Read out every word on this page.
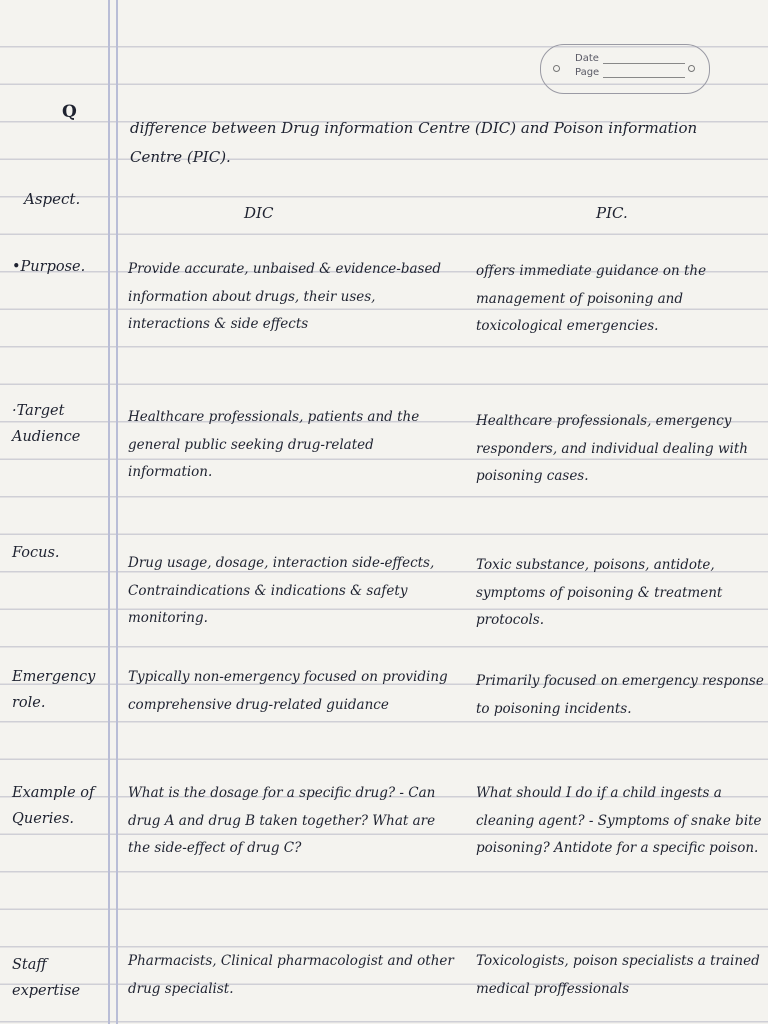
Date
Page
Q
difference between Drug information Centre (DIC) and Poison information Centre (PIC).
Aspect.
DIC	PIC.
•Purpose.	Provide accurate, unbaised & evidence-based information about drugs, their uses, interactions & side effects
offers immediate guidance on the management of poisoning and toxicological emergencies.
·Target Audience
Healthcare professionals, patients and the general public seeking drug-related information.
Healthcare professionals, emergency responders, and individual dealing with poisoning cases.
Focus.
Drug usage, dosage, interaction side-effects, Contraindications & indications & safety monitoring.
Toxic substance, poisons, antidote, symptoms of poisoning & treatment protocols.
Emergency role.
Typically non-emergency focused on providing comprehensive drug-related guidance
Primarily focused on emergency response to poisoning incidents.
Example of Queries.
What is the dosage for a specific drug? - Can drug A and drug B taken together? What are the side-effect of drug C?
What should I do if a child ingests a cleaning agent? - Symptoms of snake bite poisoning? Antidote for a specific poison.
Staff expertise
Pharmacists, Clinical pharmacologist and other drug specialist.
Toxicologists, poison specialists a trained medical proffessionals
